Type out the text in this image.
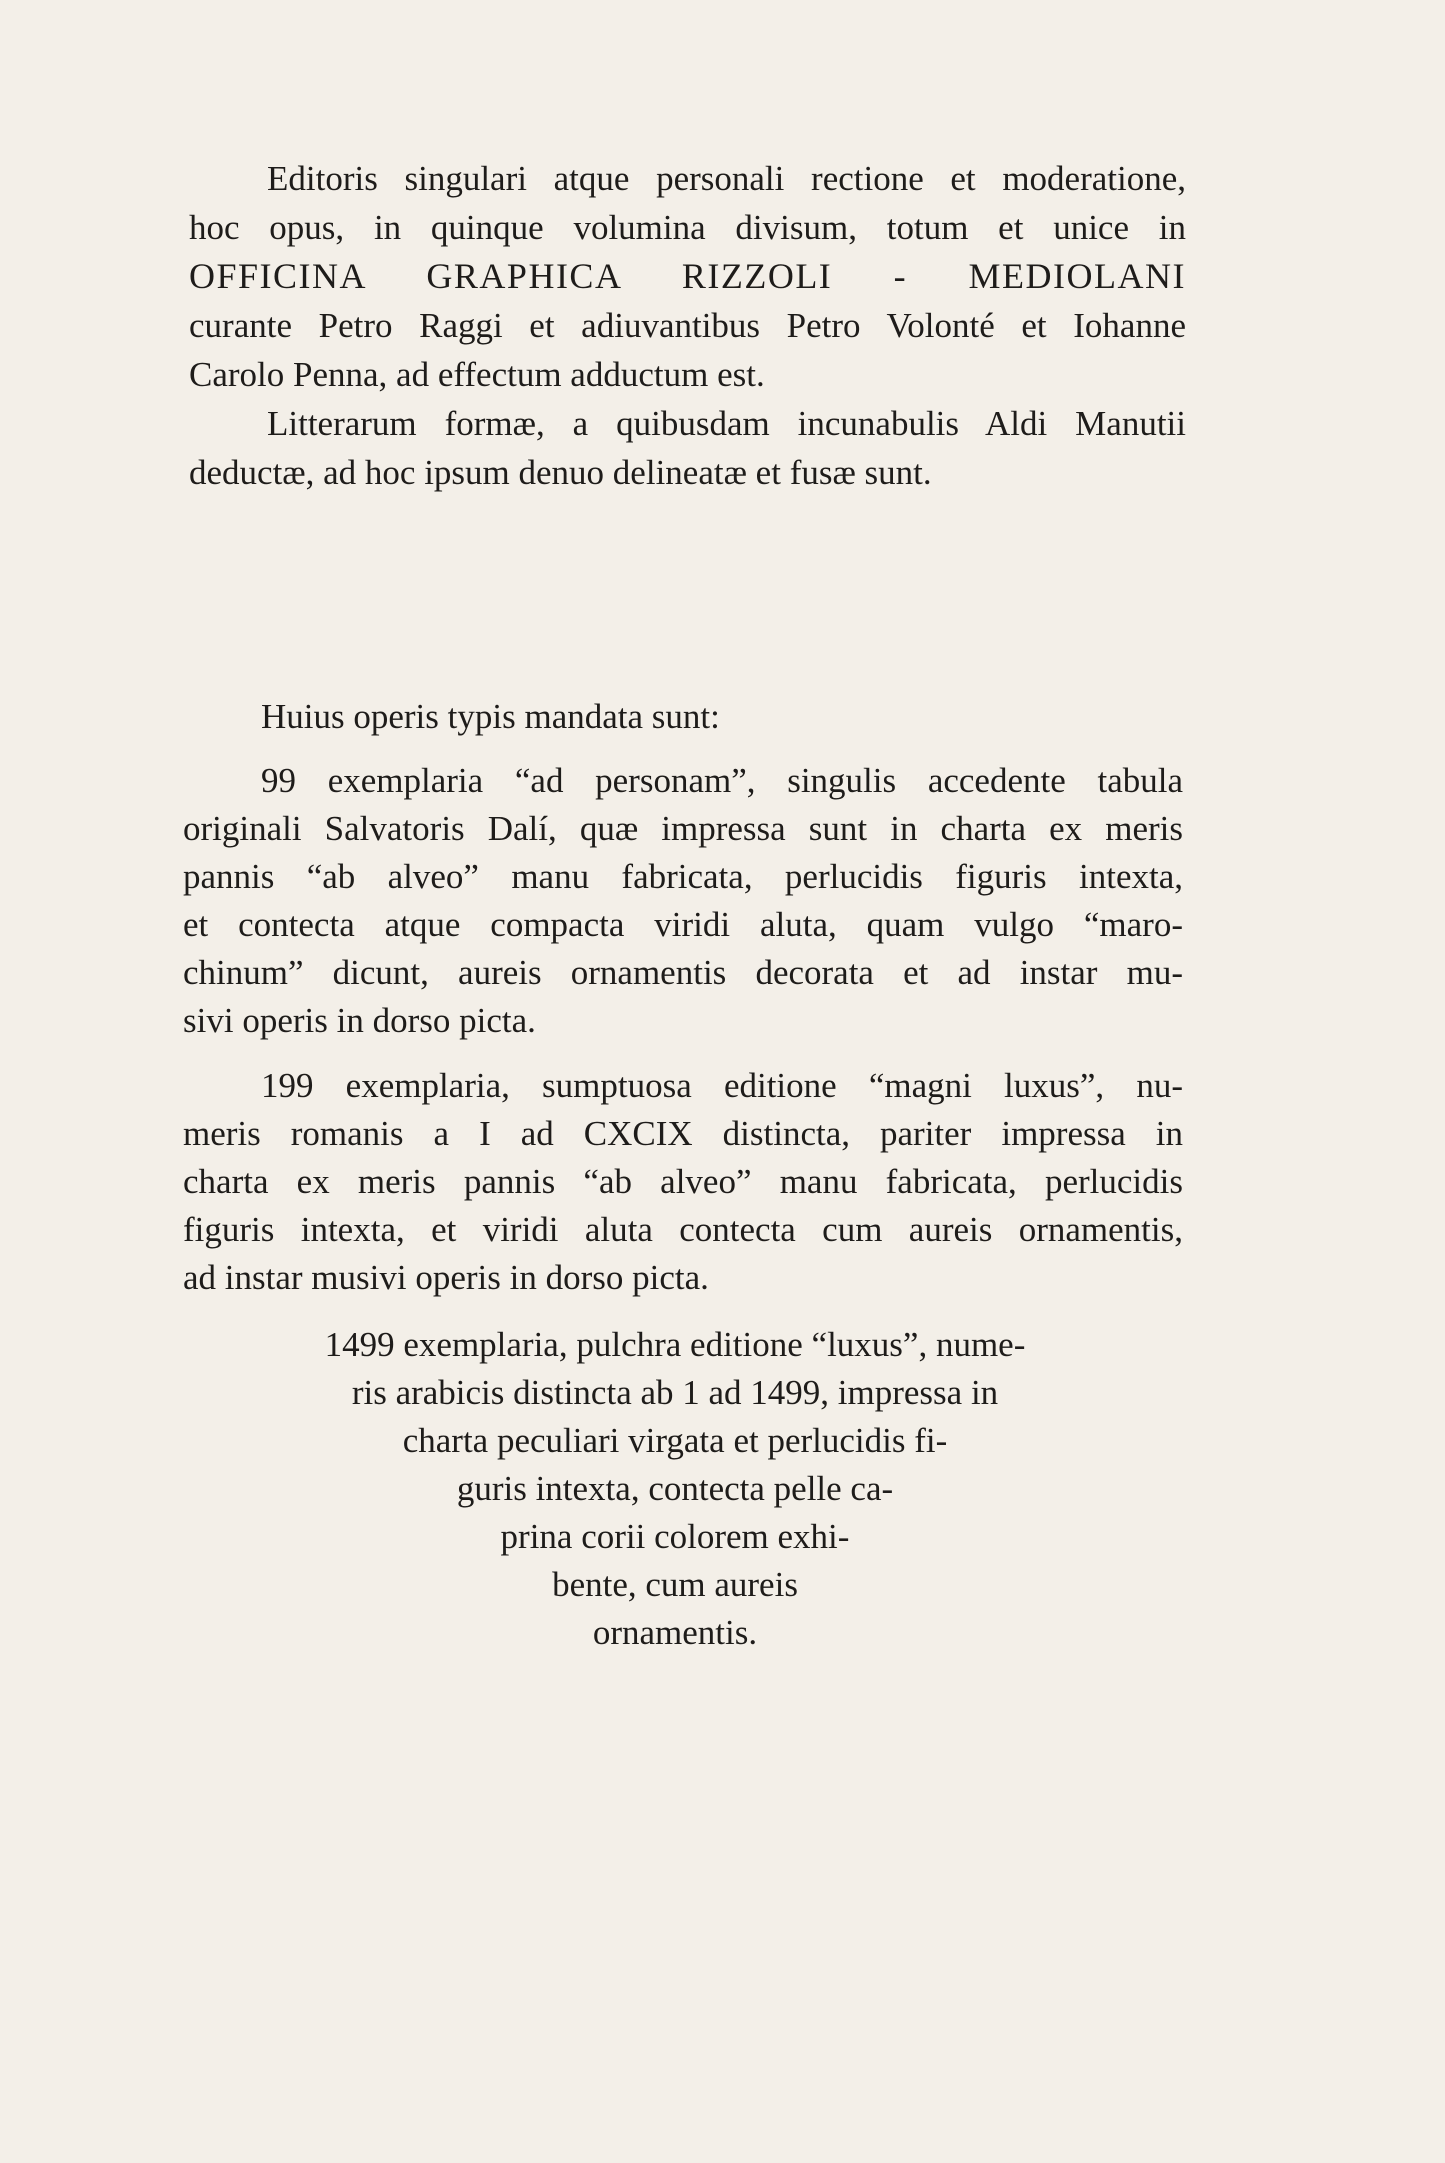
Editoris singulari atque personali rectione et moderatione,
hoc opus, in quinque volumina divisum, totum et unice in
OFFICINA GRAPHICA RIZZOLI - MEDIOLANI
curante Petro Raggi et adiuvantibus Petro Volonté et Iohanne
Carolo Penna, ad effectum adductum est.
Litterarum formæ, a quibusdam incunabulis Aldi Manutii
deductæ, ad hoc ipsum denuo delineatæ et fusæ sunt.
Huius operis typis mandata sunt:
99 exemplaria “ad personam”, singulis accedente tabula
originali Salvatoris Dalí, quæ impressa sunt in charta ex meris
pannis “ab alveo” manu fabricata, perlucidis figuris intexta,
et contecta atque compacta viridi aluta, quam vulgo “maro-
chinum” dicunt, aureis ornamentis decorata et ad instar mu-
sivi operis in dorso picta.
199 exemplaria, sumptuosa editione “magni luxus”, nu-
meris romanis a I ad CXCIX distincta, pariter impressa in
charta ex meris pannis “ab alveo” manu fabricata, perlucidis
figuris intexta, et viridi aluta contecta cum aureis ornamentis,
ad instar musivi operis in dorso picta.
1499 exemplaria, pulchra editione “luxus”, nume-
ris arabicis distincta ab 1 ad 1499, impressa in
charta peculiari virgata et perlucidis fi-
guris intexta, contecta pelle ca-
prina corii colorem exhi-
bente, cum aureis
ornamentis.
